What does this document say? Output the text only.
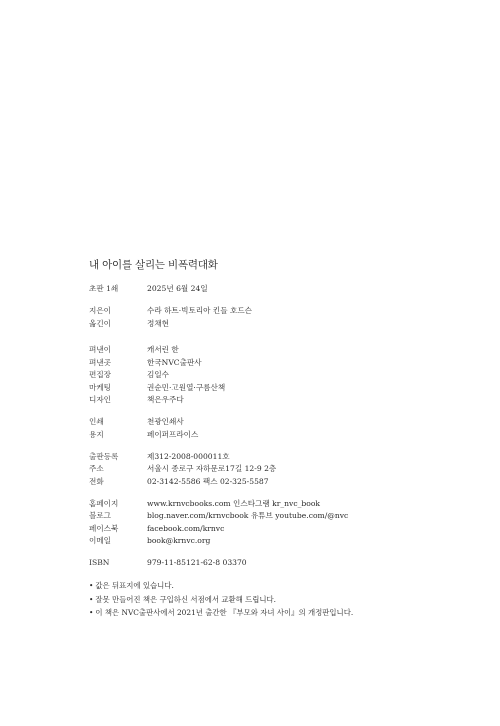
내 아이를 살리는 비폭력대화
초판 1쇄	2025년 6월 24일
지은이	수라 하트·빅토리아 킨들 호드슨
옮긴이	정채현
펴낸이	캐서린 한
펴낸곳	한국NVC출판사
편집장	김일수
마케팅	권순민·고원열·구름산책
디자인	책은우주다
인쇄	천광인쇄사
용지	페이퍼프라이스
출판등록	제312-2008-000011호
주소	서울시 종로구 자하문로17길 12-9 2층
전화	02-3142-5586 팩스 02-325-5587
홈페이지	www.krnvcbooks.com 인스타그램 kr_nvc_book
블로그	blog.naver.com/krnvcbook 유튜브 youtube.com/@nvc
페이스북	facebook.com/krnvc
이메일	book@krnvc.org
ISBN	979-11-85121-62-8 03370
• 값은 뒤표지에 있습니다.
• 잘못 만들어진 책은 구입하신 서점에서 교환해 드립니다.
• 이 책은 NVC출판사에서 2021년 출간한 『부모와 자녀 사이』의 개정판입니다.
